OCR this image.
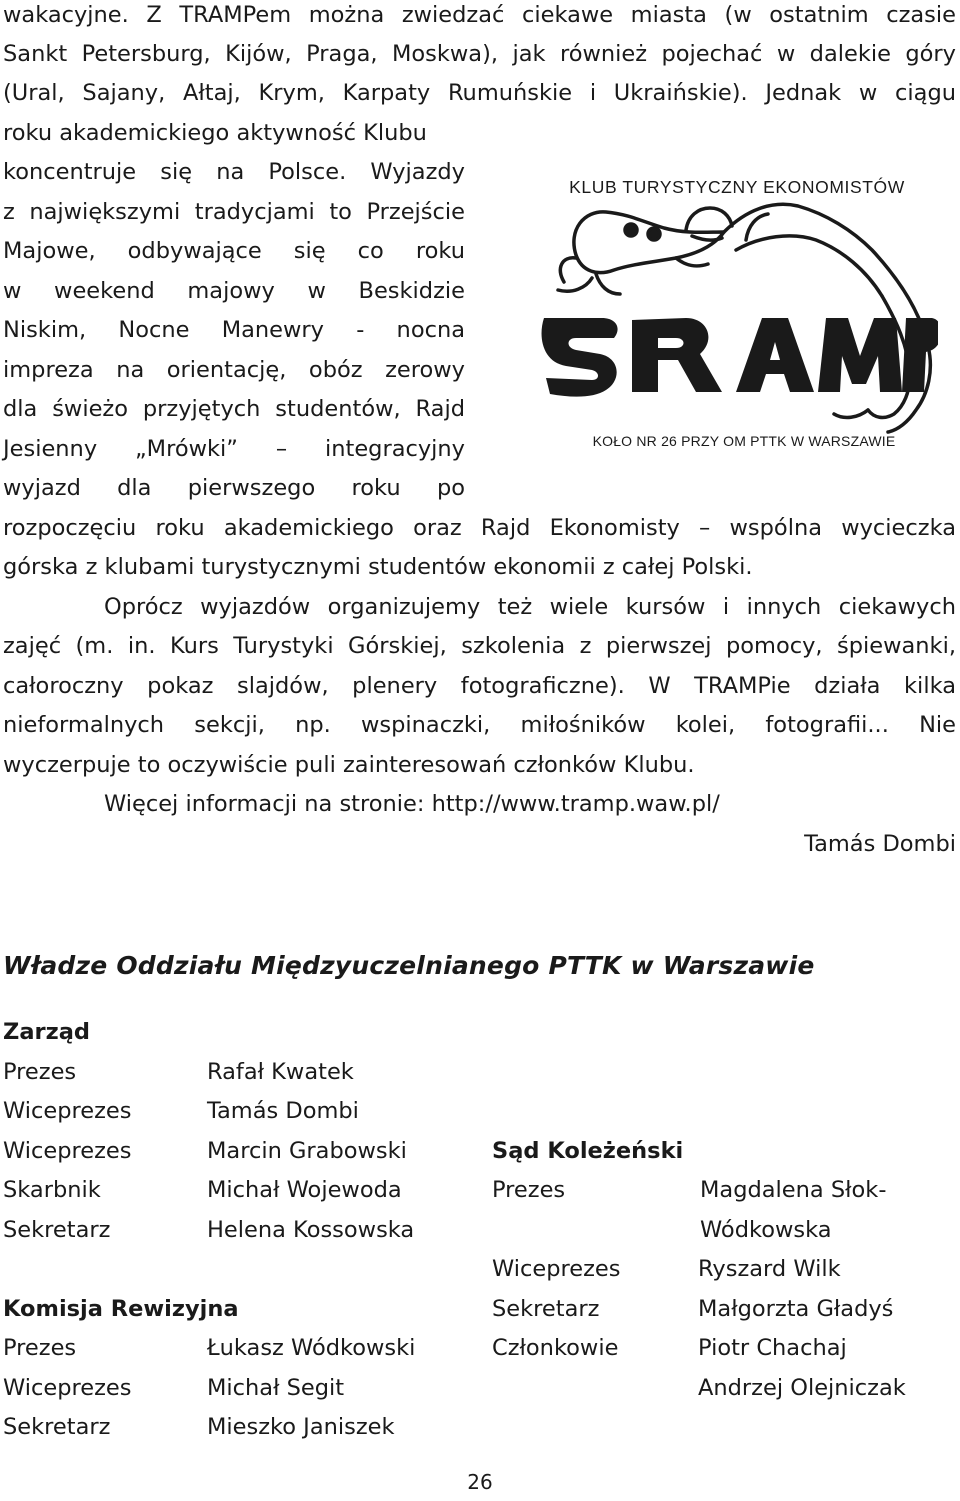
wakacyjne. Z TRAMPem można zwiedzać ciekawe miasta (w ostatnim czasie
Sankt Petersburg, Kijów, Praga, Moskwa), jak również pojechać w dalekie góry
(Ural, Sajany, Ałtaj, Krym, Karpaty Rumuńskie i Ukraińskie). Jednak w ciągu
roku akademickiego aktywność Klubu
koncentruje się na Polsce. Wyjazdy
z największymi tradycjami to Przejście
Majowe, odbywające się co roku
w weekend majowy w Beskidzie
Niskim, Nocne Manewry - nocna
impreza na orientację, obóz zerowy
dla świeżo przyjętych studentów, Rajd
Jesienny „Mrówki” – integracyjny
wyjazd dla pierwszego roku po
rozpoczęciu roku akademickiego oraz Rajd Ekonomisty – wspólna wycieczka
górska z klubami turystycznymi studentów ekonomii z całej Polski.
Oprócz wyjazdów organizujemy też wiele kursów i innych ciekawych
zajęć (m. in. Kurs Turystyki Górskiej, szkolenia z pierwszej pomocy, śpiewanki,
całoroczny pokaz slajdów, plenery fotograficzne). W TRAMPie działa kilka
nieformalnych sekcji, np. wspinaczki, miłośników kolei, fotografii... Nie
wyczerpuje to oczywiście puli zainteresowań członków Klubu.
Więcej informacji na stronie: http://www.tramp.waw.pl/
Tamás Dombi
KLUB TURYSTYCZNY EKONOMISTÓW
KOŁO NR 26 PRZY OM PTTK W WARSZAWIE
Władze Oddziału Międzyuczelnianego PTTK w Warszawie
Zarząd
Prezes	Rafał Kwatek
Wiceprezes	Tamás Dombi
Wiceprezes	Marcin Grabowski
Skarbnik	Michał Wojewoda
Sekretarz	Helena Kossowska
Komisja Rewizyjna
Prezes	Łukasz Wódkowski
Wiceprezes	Michał Segit
Sekretarz	Mieszko Janiszek
Sąd Koleżeński
Prezes	Magdalena Słok-
Wódkowska
Wiceprezes	Ryszard Wilk
Sekretarz	Małgorzta Gładyś
Członkowie	Piotr Chachaj
Andrzej Olejniczak
26
